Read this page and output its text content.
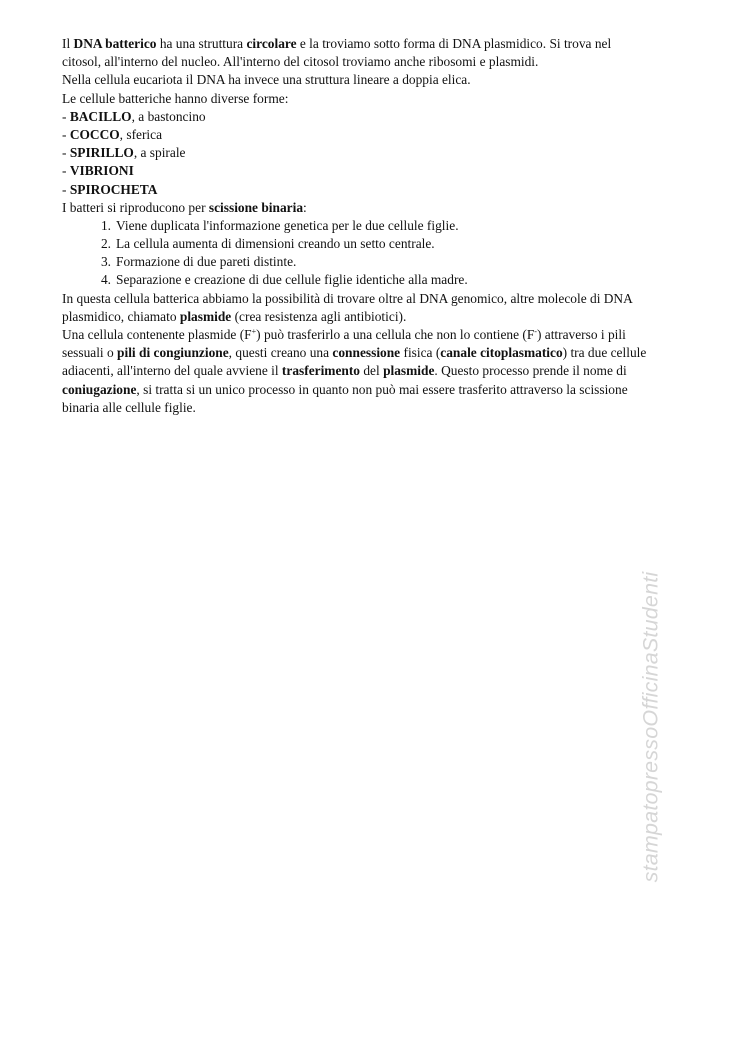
Il DNA batterico ha una struttura circolare e la troviamo sotto forma di DNA plasmidico. Si trova nel
citosol, all'interno del nucleo. All'interno del citosol troviamo anche ribosomi e plasmidi.
Nella cellula eucariota il DNA ha invece una struttura lineare a doppia elica.
Le cellule batteriche hanno diverse forme:
- BACILLO, a bastoncino
- COCCO, sferica
- SPIRILLO, a spirale
- VIBRIONI
- SPIROCHETA
I batteri si riproducono per scissione binaria:
1. Viene duplicata l'informazione genetica per le due cellule figlie.
2. La cellula aumenta di dimensioni creando un setto centrale.
3. Formazione di due pareti distinte.
4. Separazione e creazione di due cellule figlie identiche alla madre.
In questa cellula batterica abbiamo la possibilità di trovare oltre al DNA genomico, altre molecole di DNA
plasmidico, chiamato plasmide (crea resistenza agli antibiotici).
Una cellula contenente plasmide (F+) può trasferirlo a una cellula che non lo contiene (F-) attraverso i pili
sessuali o pili di congiunzione, questi creano una connessione fisica (canale citoplasmatico) tra due cellule
adiacenti, all'interno del quale avviene il trasferimento del plasmide. Questo processo prende il nome di
coniugazione, si tratta si un unico processo in quanto non può mai essere trasferito attraverso la scissione
binaria alle cellule figlie.
stampatopressoOfficinaStudenti
